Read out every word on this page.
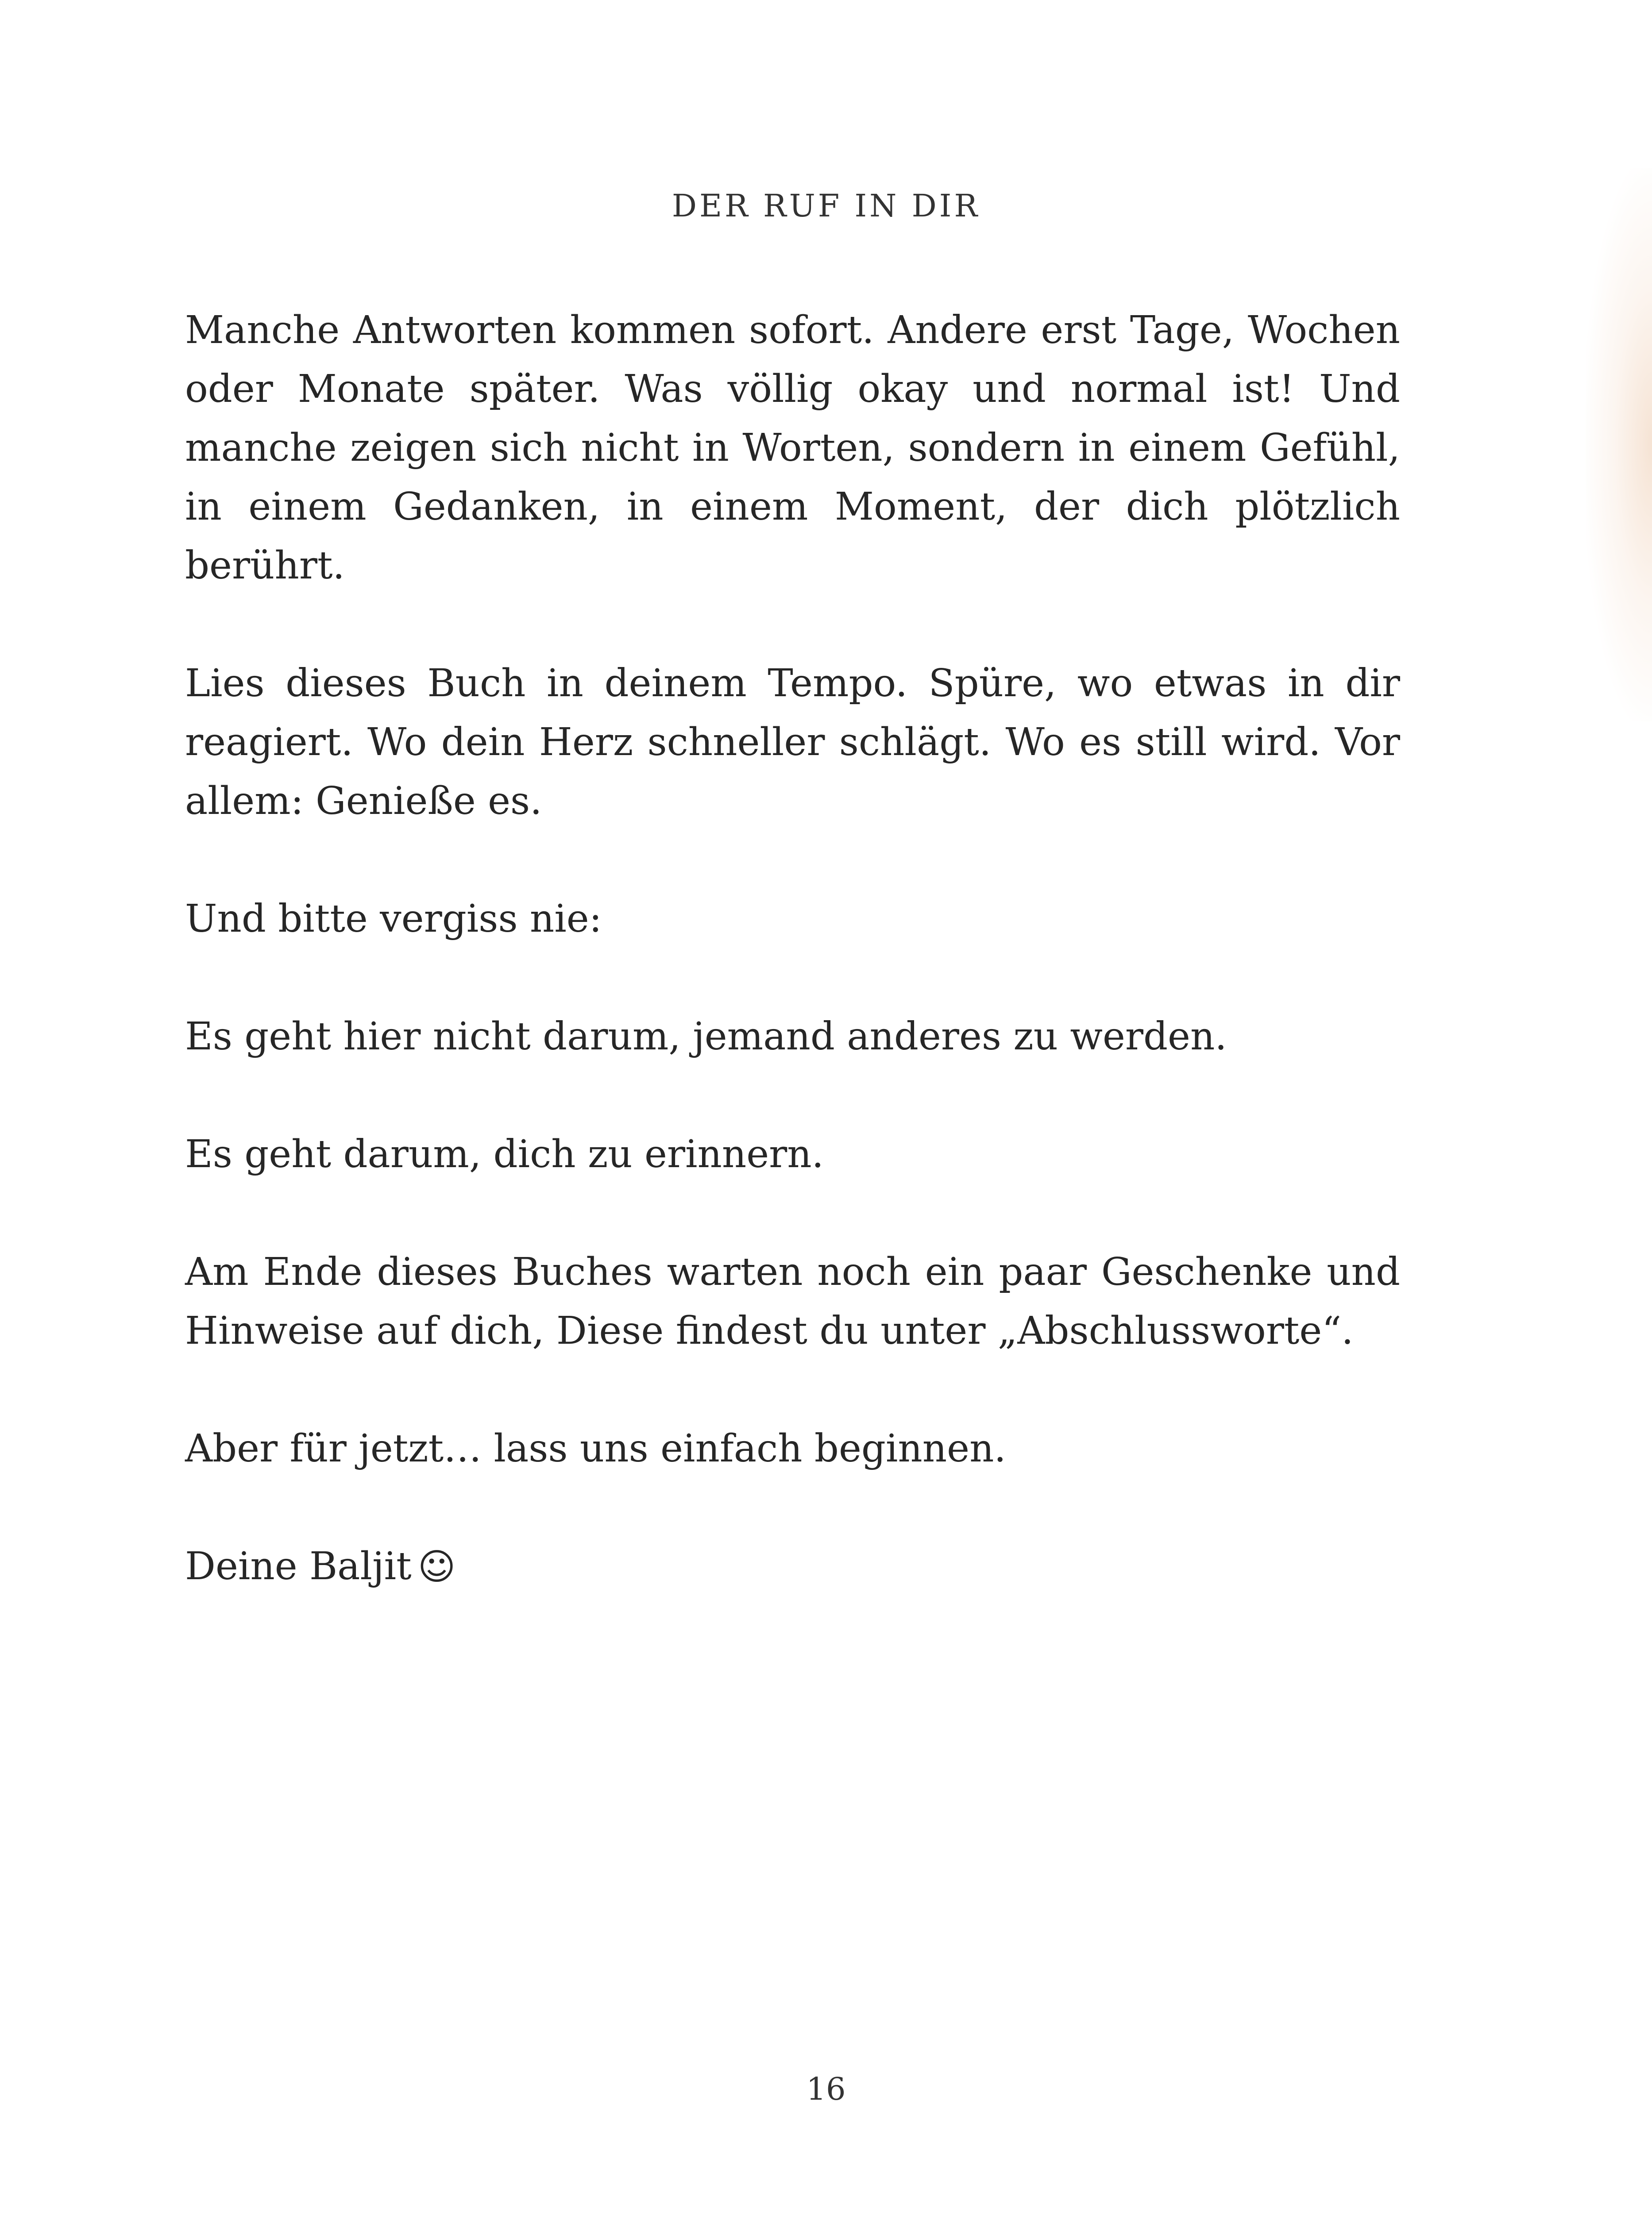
DER RUF IN DIR

Manche Antworten kommen sofort. Andere erst Tage, Wochen oder Monate später. Was völlig okay und normal ist! Und manche zeigen sich nicht in Worten, sondern in einem Gefühl, in einem Gedanken, in einem Moment, der dich plötzlich berührt.

Lies dieses Buch in deinem Tempo. Spüre, wo etwas in dir reagiert. Wo dein Herz schneller schlägt. Wo es still wird. Vor allem: Genieße es.

Und bitte vergiss nie:

Es geht hier nicht darum, jemand anderes zu werden.

Es geht darum, dich zu erinnern.

Am Ende dieses Buches warten noch ein paar Geschenke und Hinweise auf dich, Diese findest du unter „Abschlussworte“.

Aber für jetzt… lass uns einfach beginnen.

Deine Baljit ☺

16
